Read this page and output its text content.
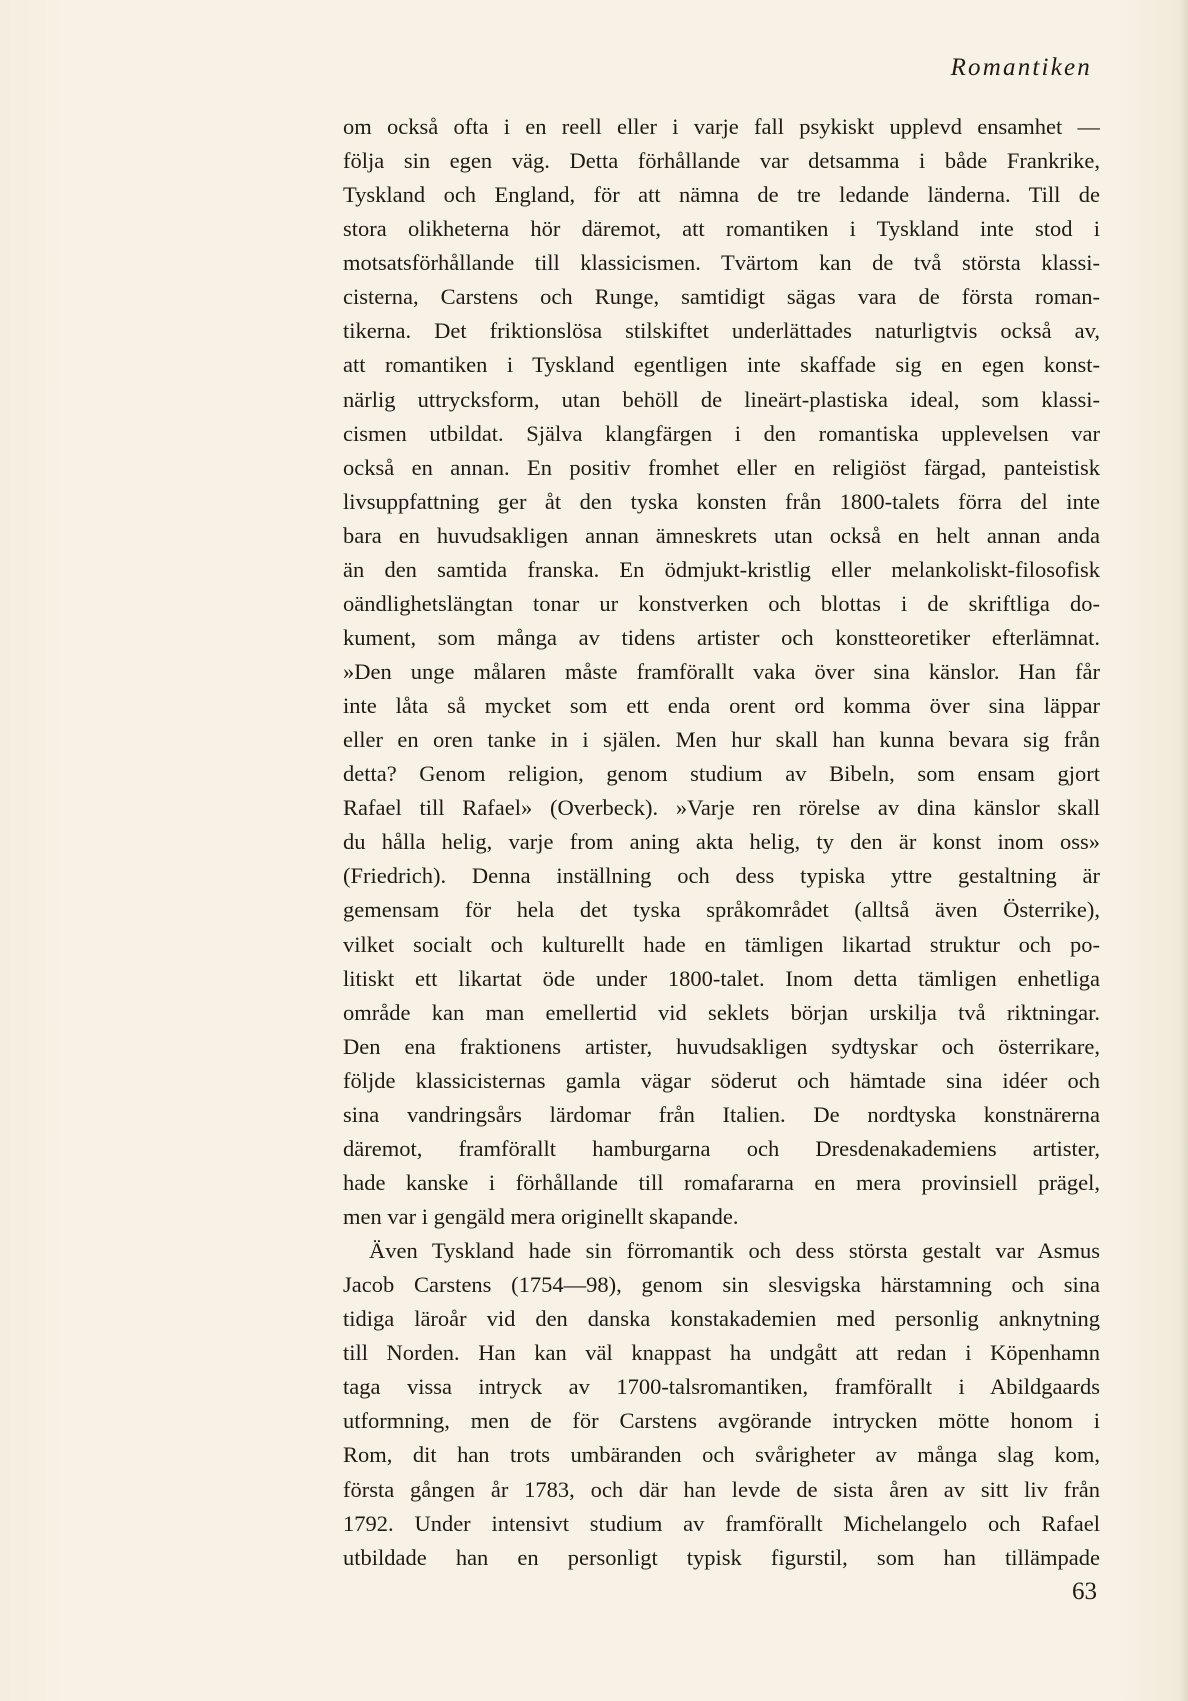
Romantiken
om också ofta i en reell eller i varje fall psykiskt upplevd ensamhet —
följa sin egen väg. Detta förhållande var detsamma i både Frankrike,
Tyskland och England, för att nämna de tre ledande länderna. Till de
stora olikheterna hör däremot, att romantiken i Tyskland inte stod i
motsatsförhållande till klassicismen. Tvärtom kan de två största klassi-
cisterna, Carstens och Runge, samtidigt sägas vara de första roman-
tikerna. Det friktionslösa stilskiftet underlättades naturligtvis också av,
att romantiken i Tyskland egentligen inte skaffade sig en egen konst-
närlig uttrycksform, utan behöll de lineärt-plastiska ideal, som klassi-
cismen utbildat. Själva klangfärgen i den romantiska upplevelsen var
också en annan. En positiv fromhet eller en religiöst färgad, panteistisk
livsuppfattning ger åt den tyska konsten från 1800-talets förra del inte
bara en huvudsakligen annan ämneskrets utan också en helt annan anda
än den samtida franska. En ödmjukt-kristlig eller melankoliskt-filosofisk
oändlighetslängtan tonar ur konstverken och blottas i de skriftliga do-
kument, som många av tidens artister och konstteoretiker efterlämnat.
»Den unge målaren måste framförallt vaka över sina känslor. Han får
inte låta så mycket som ett enda orent ord komma över sina läppar
eller en oren tanke in i själen. Men hur skall han kunna bevara sig från
detta? Genom religion, genom studium av Bibeln, som ensam gjort
Rafael till Rafael» (Overbeck). »Varje ren rörelse av dina känslor skall
du hålla helig, varje from aning akta helig, ty den är konst inom oss»
(Friedrich). Denna inställning och dess typiska yttre gestaltning är
gemensam för hela det tyska språkområdet (alltså även Österrike),
vilket socialt och kulturellt hade en tämligen likartad struktur och po-
litiskt ett likartat öde under 1800-talet. Inom detta tämligen enhetliga
område kan man emellertid vid seklets början urskilja två riktningar.
Den ena fraktionens artister, huvudsakligen sydtyskar och österrikare,
följde klassicisternas gamla vägar söderut och hämtade sina idéer och
sina vandringsårs lärdomar från Italien. De nordtyska konstnärerna
däremot, framförallt hamburgarna och Dresdenakademiens artister,
hade kanske i förhållande till romafararna en mera provinsiell prägel,
men var i gengäld mera originellt skapande.
Även Tyskland hade sin förromantik och dess största gestalt var Asmus
Jacob Carstens (1754—98), genom sin slesvigska härstamning och sina
tidiga läroår vid den danska konstakademien med personlig anknytning
till Norden. Han kan väl knappast ha undgått att redan i Köpenhamn
taga vissa intryck av 1700-talsromantiken, framförallt i Abildgaards
utformning, men de för Carstens avgörande intrycken mötte honom i
Rom, dit han trots umbäranden och svårigheter av många slag kom,
första gången år 1783, och där han levde de sista åren av sitt liv från
1792. Under intensivt studium av framförallt Michelangelo och Rafael
utbildade han en personligt typisk figurstil, som han tillämpade
63
